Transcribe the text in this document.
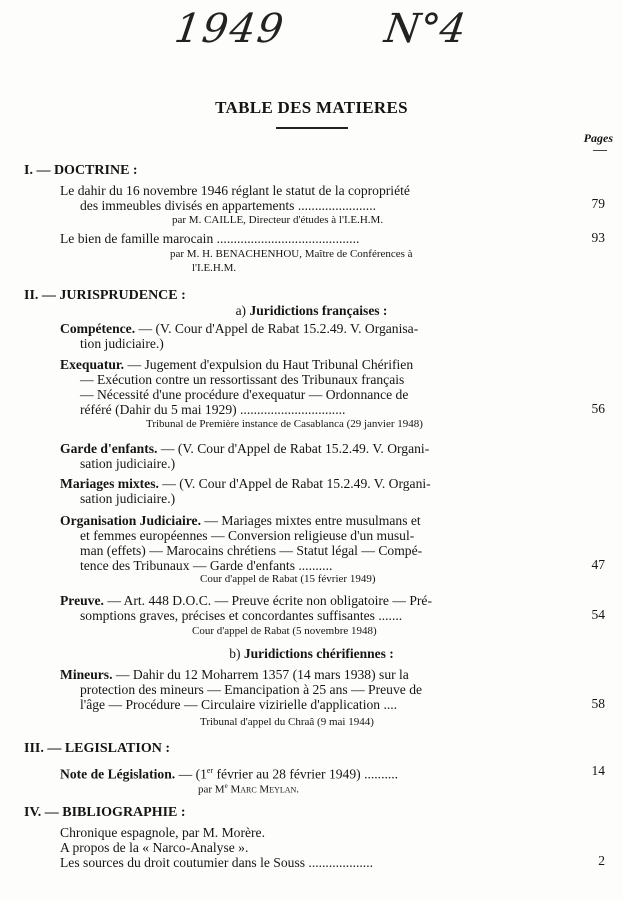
1949 N°4
TABLE DES MATIERES
Pages
I. — DOCTRINE :
Le dahir du 16 novembre 1946 réglant le statut de la copropriété
des immeubles divisés en appartements .......................	79
par M. CAILLE, Directeur d'études à l'I.E.H.M.
Le bien de famille marocain ..........................................	93
par M. H. BENACHENHOU, Maître de Conférences à
l'I.E.H.M.
II. — JURISPRUDENCE :
a) Juridictions françaises :
Compétence. — (V. Cour d'Appel de Rabat 15.2.49. V. Organisa-
tion judiciaire.)
Exequatur. — Jugement d'expulsion du Haut Tribunal Chérifien
— Exécution contre un ressortissant des Tribunaux français
— Nécessité d'une procédure d'exequatur — Ordonnance de
référé (Dahir du 5 mai 1929) ...............................	56
Tribunal de Première instance de Casablanca (29 janvier 1948)
Garde d'enfants. — (V. Cour d'Appel de Rabat 15.2.49. V. Organi-
sation judiciaire.)
Mariages mixtes. — (V. Cour d'Appel de Rabat 15.2.49. V. Organi-
sation judiciaire.)
Organisation Judiciaire. — Mariages mixtes entre musulmans et
et femmes européennes — Conversion religieuse d'un musul-
man (effets) — Marocains chrétiens — Statut légal — Compé-
tence des Tribunaux — Garde d'enfants ..........	47
Cour d'appel de Rabat (15 février 1949)
Preuve. — Art. 448 D.O.C. — Preuve écrite non obligatoire — Pré-
somptions graves, précises et concordantes suffisantes .......	54
Cour d'appel de Rabat (5 novembre 1948)
b) Juridictions chérifiennes :
Mineurs. — Dahir du 12 Moharrem 1357 (14 mars 1938) sur la
protection des mineurs — Emancipation à 25 ans — Preuve de
l'âge — Procédure — Circulaire vizirielle d'application ....	58
Tribunal d'appel du Chraâ (9 mai 1944)
III. — LEGISLATION :
Note de Législation. — (1er février au 28 février 1949) ..........	14
par Me Marc Meylan.
IV. — BIBLIOGRAPHIE :
Chronique espagnole, par M. Morère.
A propos de la « Narco-Analyse ».
Les sources du droit coutumier dans le Souss ...................	2
